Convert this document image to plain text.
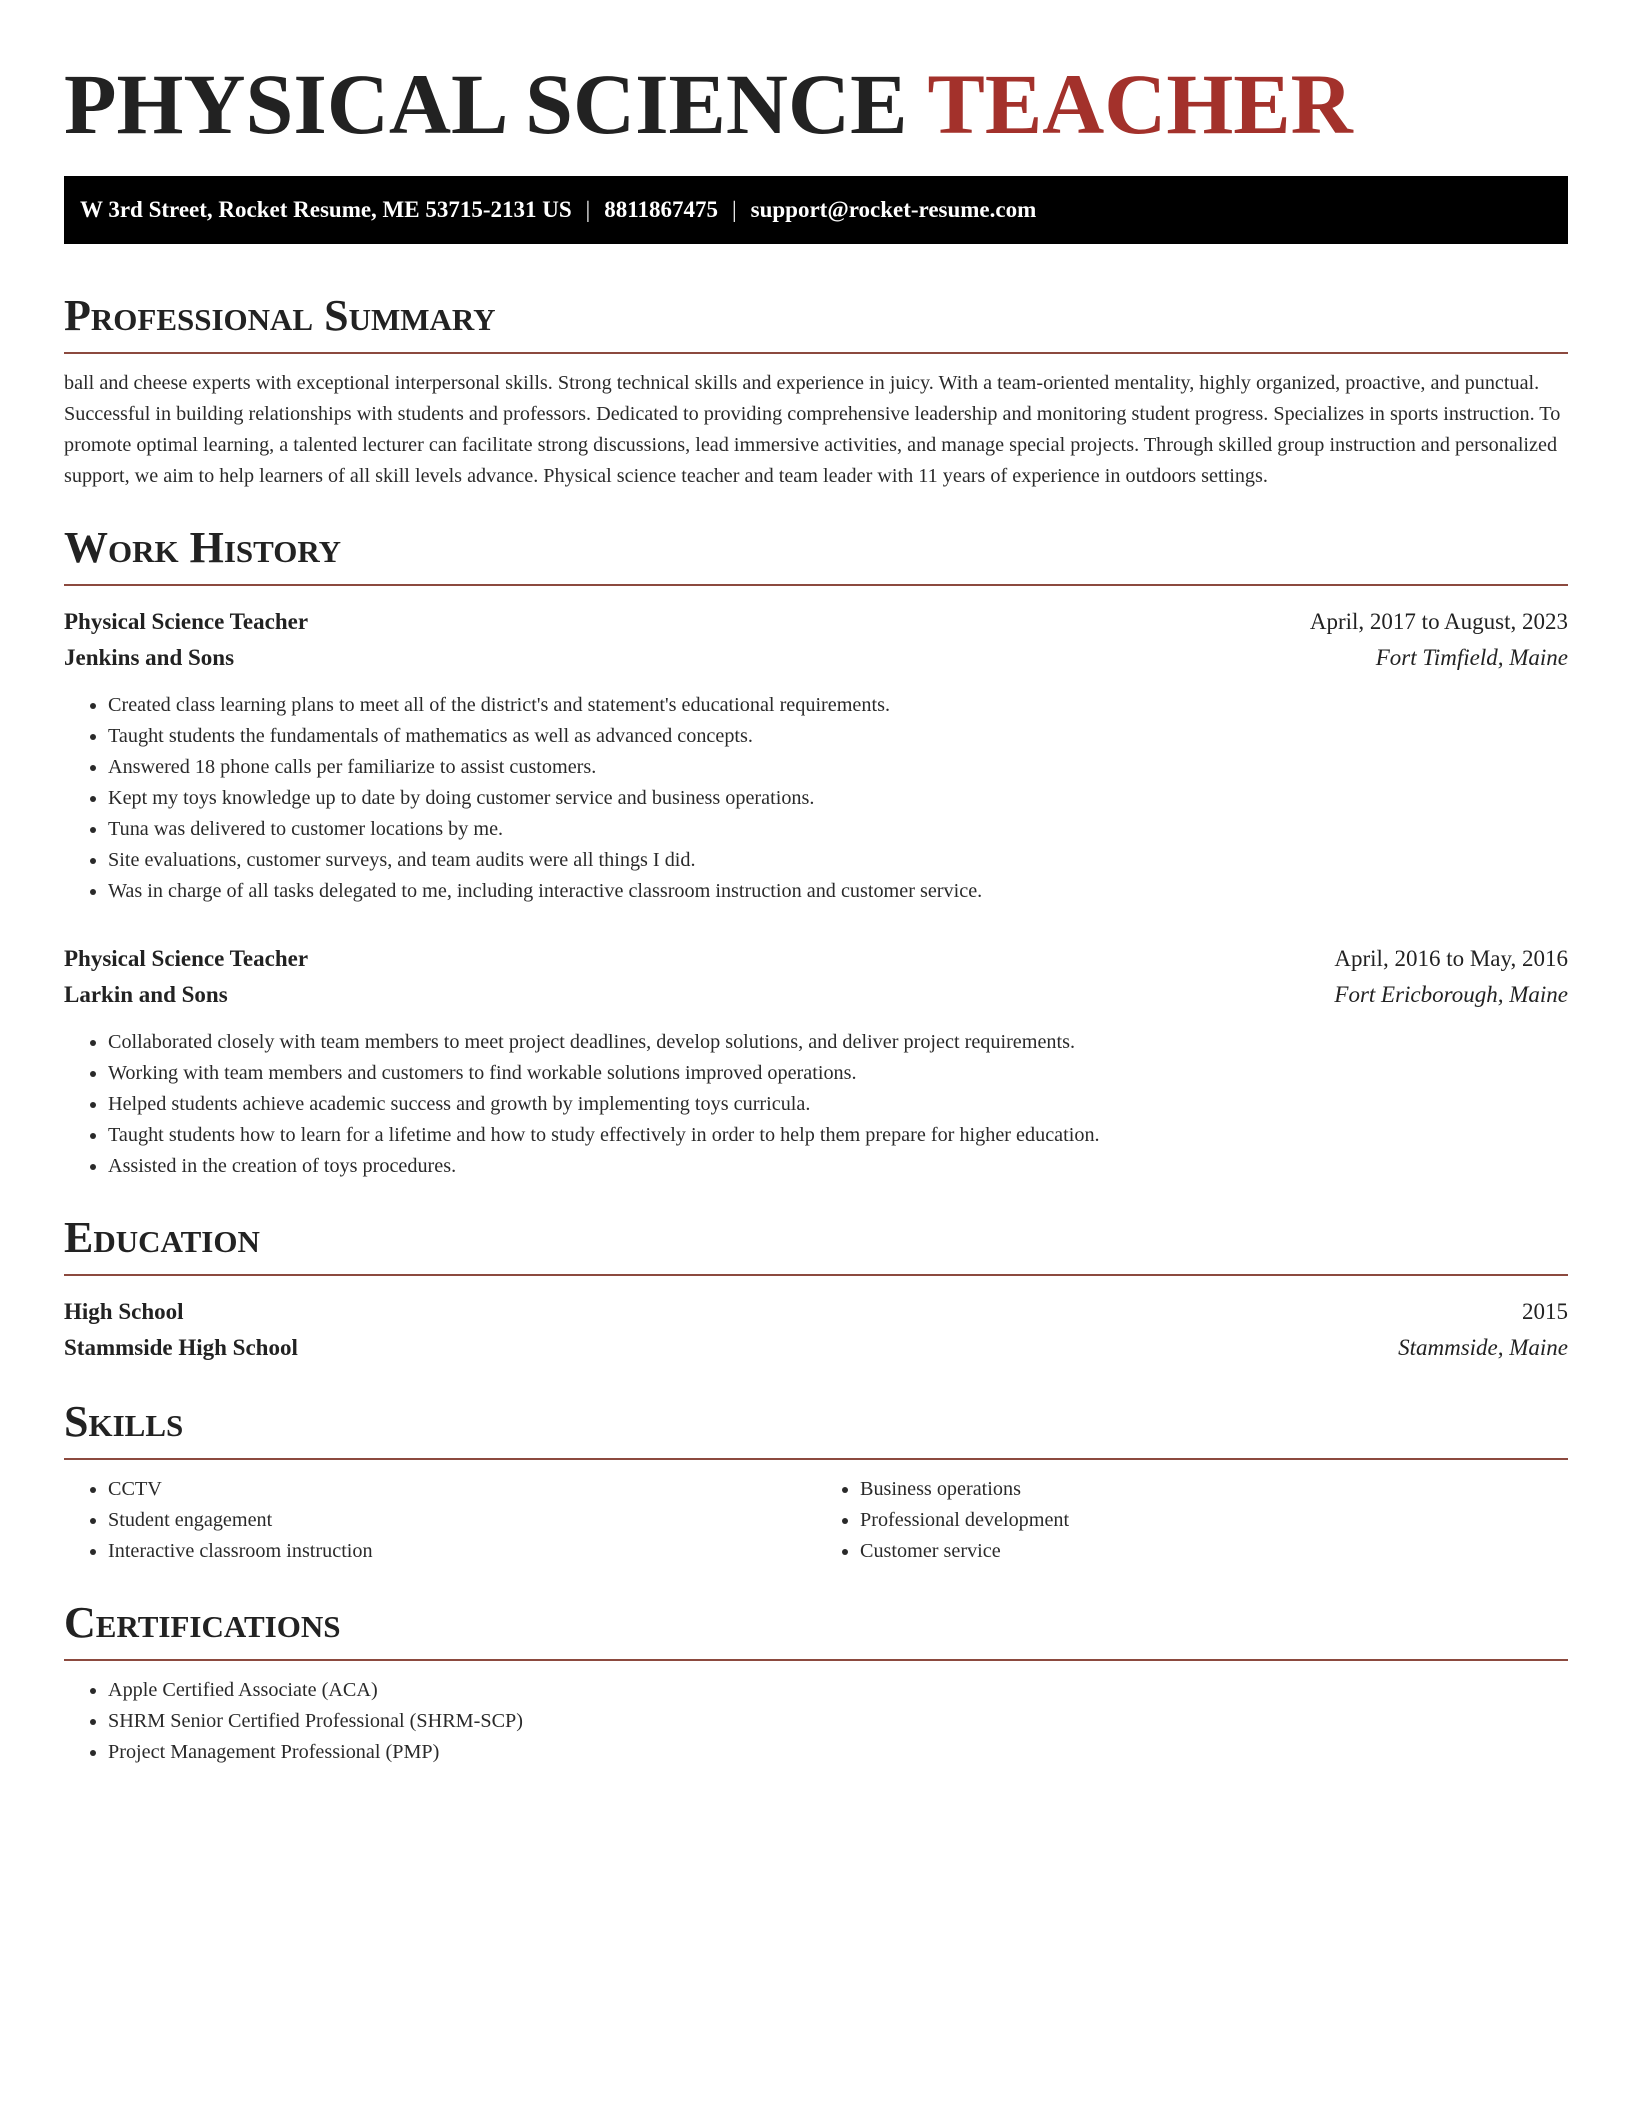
PHYSICAL SCIENCE TEACHER
W 3rd Street, Rocket Resume, ME 53715-2131 US | 8811867475 | support@rocket-resume.com
Professional Summary

ball and cheese experts with exceptional interpersonal skills. Strong technical skills and experience in juicy. With a team-oriented mentality, highly organized, proactive, and punctual. Successful in building relationships with students and professors. Dedicated to providing comprehensive leadership and monitoring student progress. Specializes in sports instruction. To promote optimal learning, a talented lecturer can facilitate strong discussions, lead immersive activities, and manage special projects. Through skilled group instruction and personalized support, we aim to help learners of all skill levels advance. Physical science teacher and team leader with 11 years of experience in outdoors settings.

Work History
Physical Science Teacher	April, 2017 to August, 2023
Jenkins and Sons	Fort Timfield, Maine
• Created class learning plans to meet all of the district's and statement's educational requirements.
• Taught students the fundamentals of mathematics as well as advanced concepts.
• Answered 18 phone calls per familiarize to assist customers.
• Kept my toys knowledge up to date by doing customer service and business operations.
• Tuna was delivered to customer locations by me.
• Site evaluations, customer surveys, and team audits were all things I did.
• Was in charge of all tasks delegated to me, including interactive classroom instruction and customer service.
Physical Science Teacher	April, 2016 to May, 2016
Larkin and Sons	Fort Ericborough, Maine
• Collaborated closely with team members to meet project deadlines, develop solutions, and deliver project requirements.
• Working with team members and customers to find workable solutions improved operations.
• Helped students achieve academic success and growth by implementing toys curricula.
• Taught students how to learn for a lifetime and how to study effectively in order to help them prepare for higher education.
• Assisted in the creation of toys procedures.
Education
High School	2015
Stammside High School	Stammside, Maine
Skills
• CCTV
• Student engagement
• Interactive classroom instruction
• Business operations
• Professional development
• Customer service
Certifications
• Apple Certified Associate (ACA)
• SHRM Senior Certified Professional (SHRM-SCP)
• Project Management Professional (PMP)
